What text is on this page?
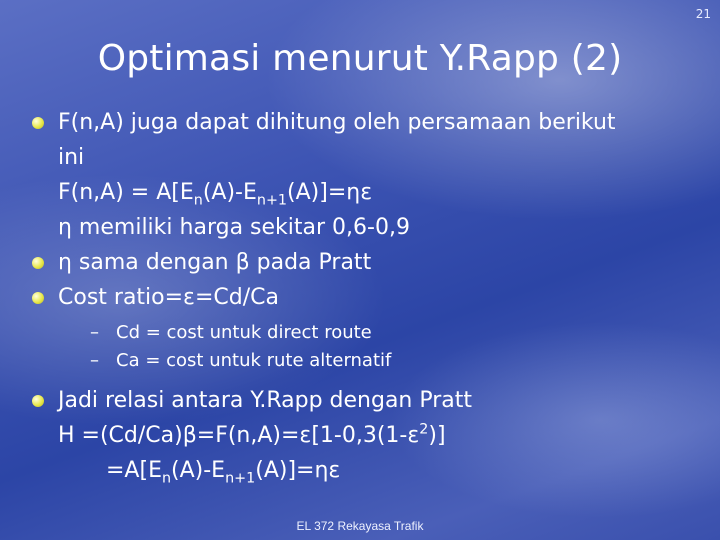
21
Optimasi menurut Y.Rapp (2)
F(n,A) juga dapat dihitung oleh persamaan berikut
ini
$F(n,A) = A[E_n(A)-E_{n+1}(A)]=\eta\varepsilon$
η memiliki harga sekitar 0,6-0,9
η sama dengan β pada Pratt
Cost ratio=ε=Cd/Ca
– Cd = cost untuk direct route
– Ca = cost untuk rute alternatif
Jadi relasi antara Y.Rapp dengan Pratt
$H =(Cd/Ca)\beta=F(n,A)=\varepsilon[1-0,3(1-\varepsilon^2)]$
$=A[E_n(A)-E_{n+1}(A)]=\eta\varepsilon$
EL 372 Rekayasa Trafik
